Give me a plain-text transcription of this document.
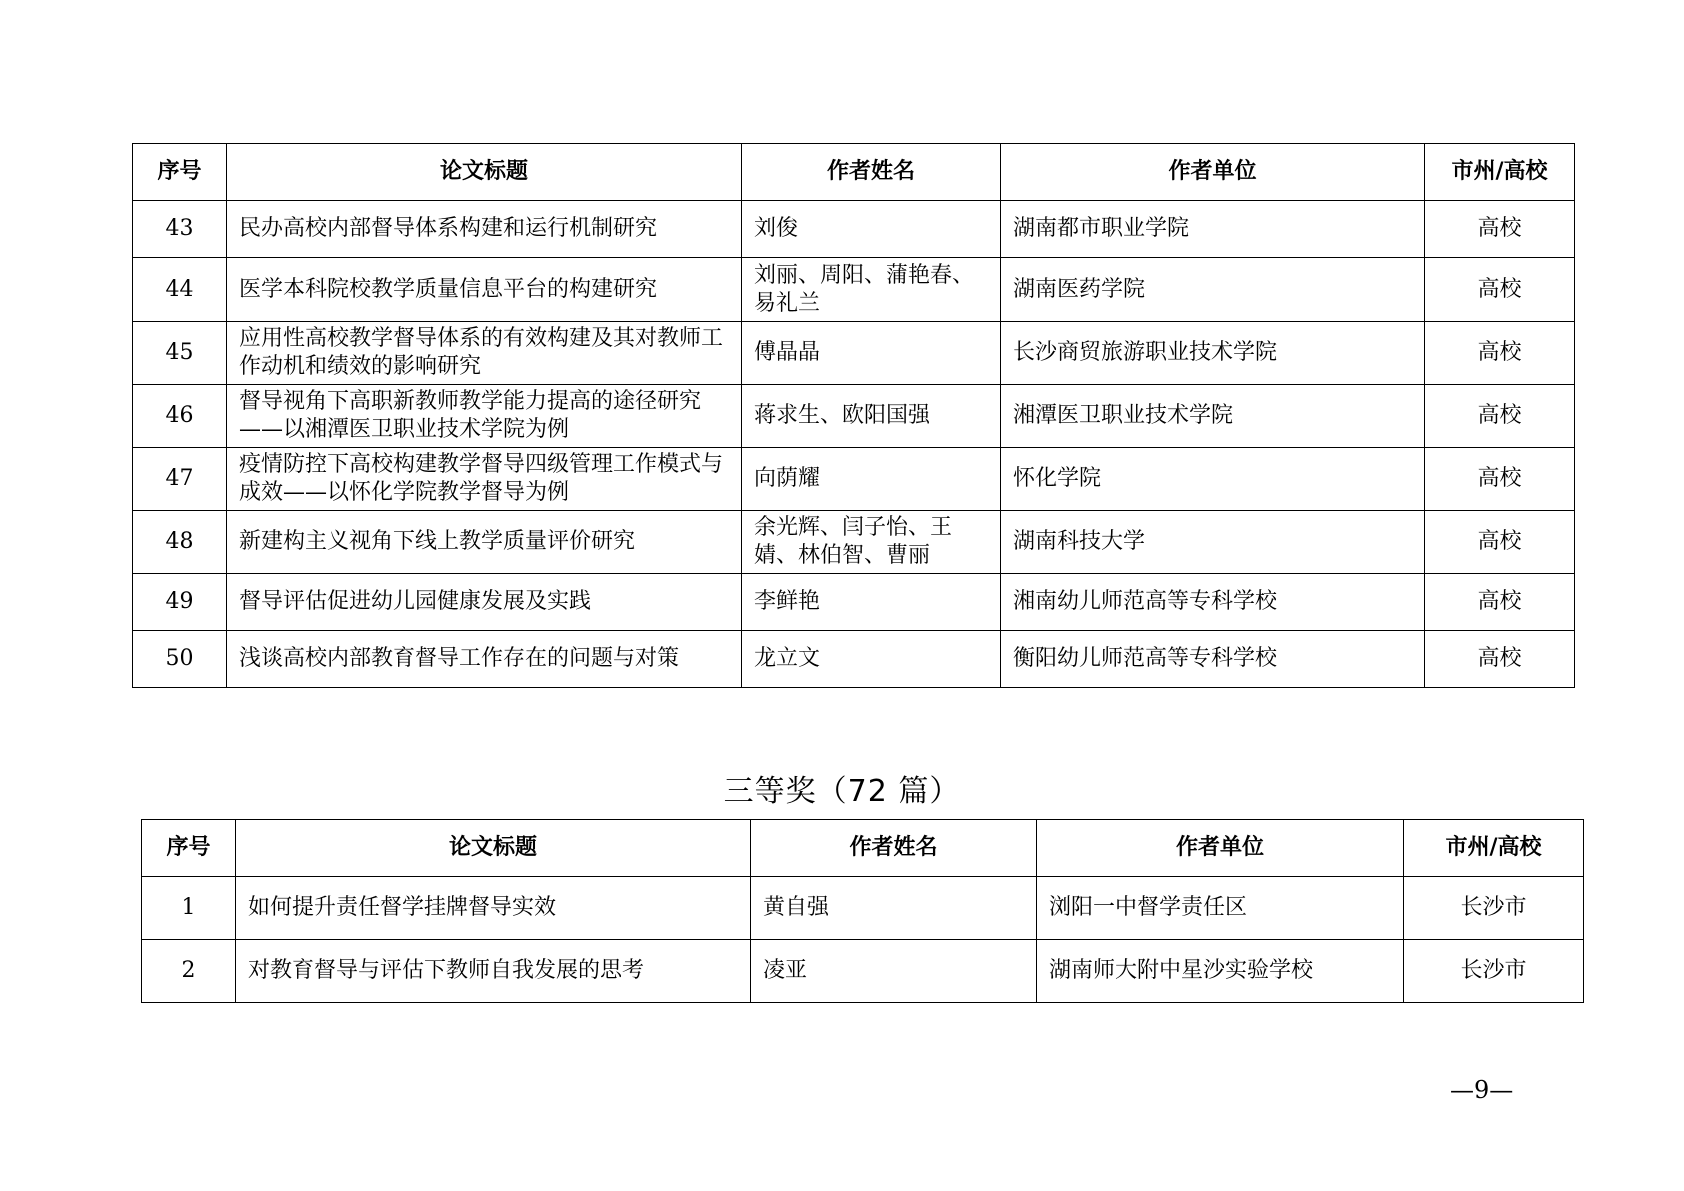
序号	论文标题	作者姓名	作者单位	市州/高校
43	民办高校内部督导体系构建和运行机制研究	刘俊	湖南都市职业学院	高校
44	医学本科院校教学质量信息平台的构建研究	刘丽、周阳、蒲艳春、易礼兰	湖南医药学院	高校
45	应用性高校教学督导体系的有效构建及其对教师工作动机和绩效的影响研究	傅晶晶	长沙商贸旅游职业技术学院	高校
46	督导视角下高职新教师教学能力提高的途径研究——以湘潭医卫职业技术学院为例	蒋求生、欧阳国强	湘潭医卫职业技术学院	高校
47	疫情防控下高校构建教学督导四级管理工作模式与成效——以怀化学院教学督导为例	向荫耀	怀化学院	高校
48	新建构主义视角下线上教学质量评价研究	余光辉、闫子怡、王婧、林伯智、曹丽	湖南科技大学	高校
49	督导评估促进幼儿园健康发展及实践	李鲜艳	湘南幼儿师范高等专科学校	高校
50	浅谈高校内部教育督导工作存在的问题与对策	龙立文	衡阳幼儿师范高等专科学校	高校
三等奖（72 篇）
序号	论文标题	作者姓名	作者单位	市州/高校
1	如何提升责任督学挂牌督导实效	黄自强	浏阳一中督学责任区	长沙市
2	对教育督导与评估下教师自我发展的思考	凌亚	湖南师大附中星沙实验学校	长沙市
—9—
